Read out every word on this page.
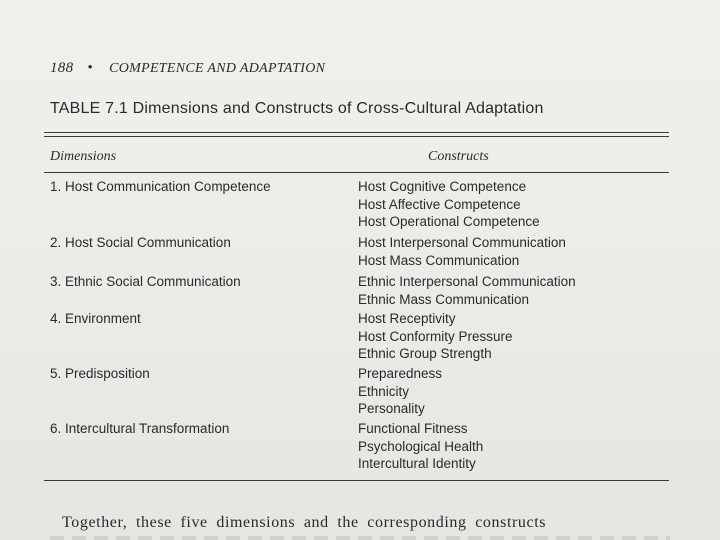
188 • COMPETENCE AND ADAPTATION
TABLE 7.1 Dimensions and Constructs of Cross-Cultural Adaptation
Dimensions	Constructs
1. Host Communication Competence	Host Cognitive Competence
Host Affective Competence
Host Operational Competence
2. Host Social Communication	Host Interpersonal Communication
Host Mass Communication
3. Ethnic Social Communication	Ethnic Interpersonal Communication
Ethnic Mass Communication
4. Environment	Host Receptivity
Host Conformity Pressure
Ethnic Group Strength
5. Predisposition	Preparedness
Ethnicity
Personality
6. Intercultural Transformation	Functional Fitness
Psychological Health
Intercultural Identity
Together, these five dimensions and the corresponding constructs
